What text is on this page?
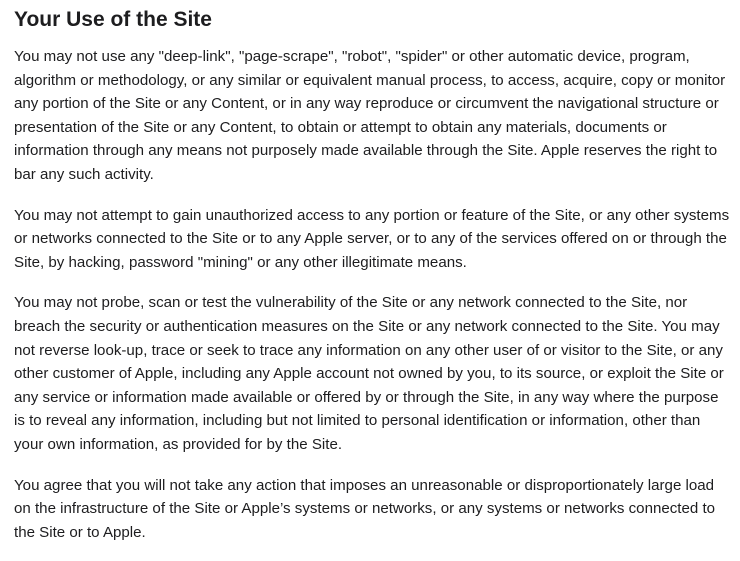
Your Use of the Site

You may not use any "deep-link", "page-scrape", "robot", "spider" or other automatic device, program, algorithm or methodology, or any similar or equivalent manual process, to access, acquire, copy or monitor any portion of the Site or any Content, or in any way reproduce or circumvent the navigational structure or presentation of the Site or any Content, to obtain or attempt to obtain any materials, documents or information through any means not purposely made available through the Site. Apple reserves the right to bar any such activity.

You may not attempt to gain unauthorized access to any portion or feature of the Site, or any other systems or networks connected to the Site or to any Apple server, or to any of the services offered on or through the Site, by hacking, password "mining" or any other illegitimate means.

You may not probe, scan or test the vulnerability of the Site or any network connected to the Site, nor breach the security or authentication measures on the Site or any network connected to the Site. You may not reverse look-up, trace or seek to trace any information on any other user of or visitor to the Site, or any other customer of Apple, including any Apple account not owned by you, to its source, or exploit the Site or any service or information made available or offered by or through the Site, in any way where the purpose is to reveal any information, including but not limited to personal identification or information, other than your own information, as provided for by the Site.

You agree that you will not take any action that imposes an unreasonable or disproportionately large load on the infrastructure of the Site or Apple’s systems or networks, or any systems or networks connected to the Site or to Apple.
